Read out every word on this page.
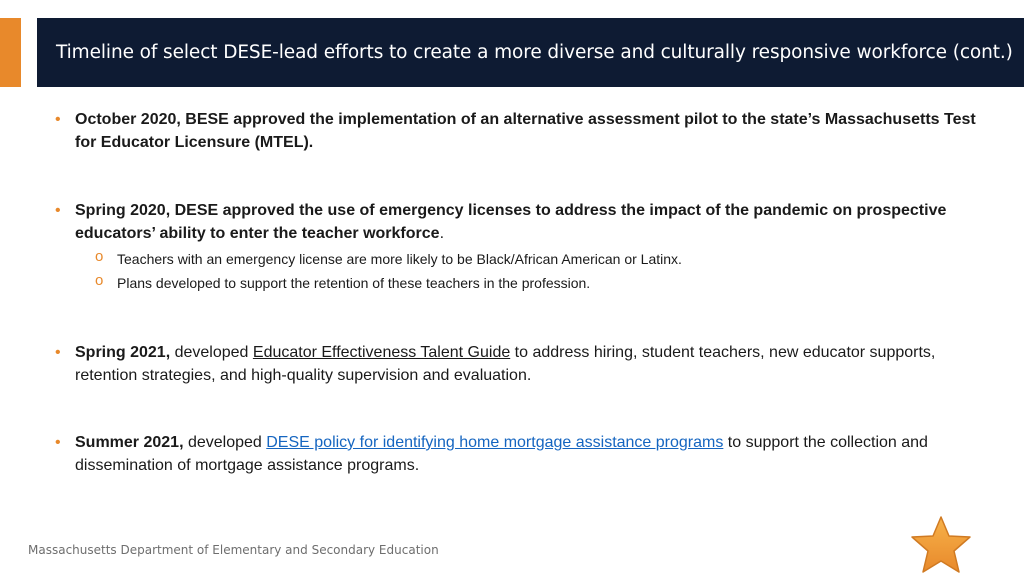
Timeline of select DESE-lead efforts to create a more diverse and culturally responsive workforce (cont.)
• October 2020, BESE approved the implementation of an alternative assessment pilot to the state’s Massachusetts Test for Educator Licensure (MTEL).
• Spring 2020, DESE approved the use of emergency licenses to address the impact of the pandemic on prospective educators’ ability to enter the teacher workforce.
o Teachers with an emergency license are more likely to be Black/African American or Latinx.
o Plans developed to support the retention of these teachers in the profession.
• Spring 2021, developed Educator Effectiveness Talent Guide to address hiring, student teachers, new educator supports, retention strategies, and high-quality supervision and evaluation.
• Summer 2021, developed DESE policy for identifying home mortgage assistance programs to support the collection and dissemination of mortgage assistance programs.
Massachusetts Department of Elementary and Secondary Education
